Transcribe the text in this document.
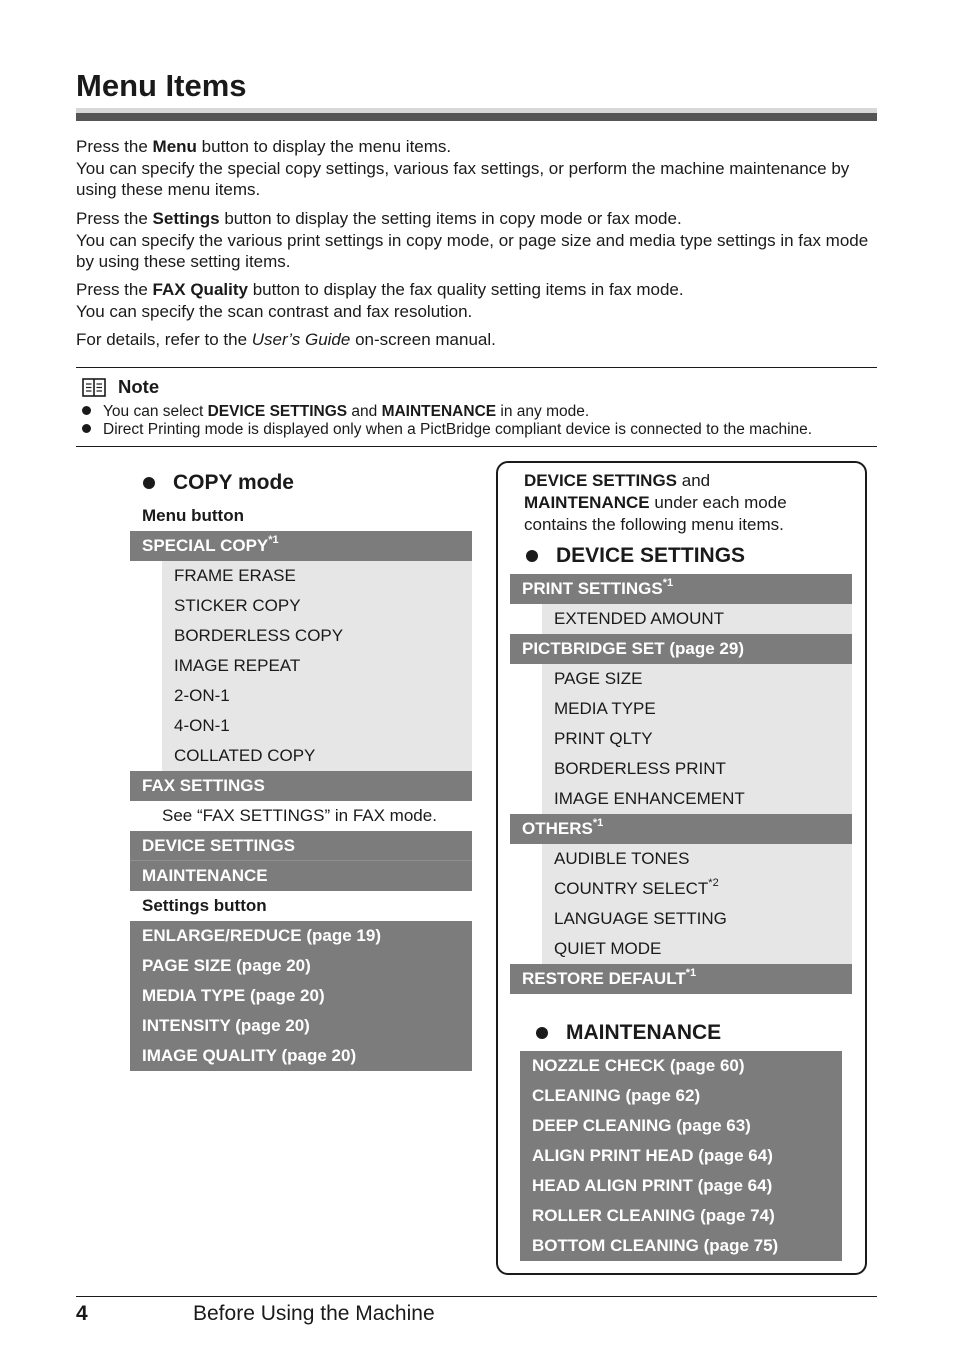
Menu Items
Press the Menu button to display the menu items.
You can specify the special copy settings, various fax settings, or perform the machine maintenance by using these menu items.
Press the Settings button to display the setting items in copy mode or fax mode.
You can specify the various print settings in copy mode, or page size and media type settings in fax mode by using these setting items.
Press the FAX Quality button to display the fax quality setting items in fax mode.
You can specify the scan contrast and fax resolution.
For details, refer to the User’s Guide on-screen manual.
Note
You can select DEVICE SETTINGS and MAINTENANCE in any mode.
Direct Printing mode is displayed only when a PictBridge compliant device is connected to the machine.
COPY mode
Menu button
SPECIAL COPY$^{*1}$
FRAME ERASE
STICKER COPY
BORDERLESS COPY
IMAGE REPEAT
2-ON-1
4-ON-1
COLLATED COPY
FAX SETTINGS
See “FAX SETTINGS” in FAX mode.
DEVICE SETTINGS
MAINTENANCE
Settings button
ENLARGE/REDUCE (page 19)
PAGE SIZE (page 20)
MEDIA TYPE (page 20)
INTENSITY (page 20)
IMAGE QUALITY (page 20)
DEVICE SETTINGS and
MAINTENANCE under each mode contains the following menu items.
DEVICE SETTINGS
PRINT SETTINGS$^{*1}$
EXTENDED AMOUNT
PICTBRIDGE SET (page 29)
PAGE SIZE
MEDIA TYPE
PRINT QLTY
BORDERLESS PRINT
IMAGE ENHANCEMENT
OTHERS$^{*1}$
AUDIBLE TONES
COUNTRY SELECT$^{*2}$
LANGUAGE SETTING
QUIET MODE
RESTORE DEFAULT$^{*1}$
MAINTENANCE
NOZZLE CHECK (page 60)
CLEANING (page 62)
DEEP CLEANING (page 63)
ALIGN PRINT HEAD (page 64)
HEAD ALIGN PRINT (page 64)
ROLLER CLEANING (page 74)
BOTTOM CLEANING (page 75)
4	Before Using the Machine
